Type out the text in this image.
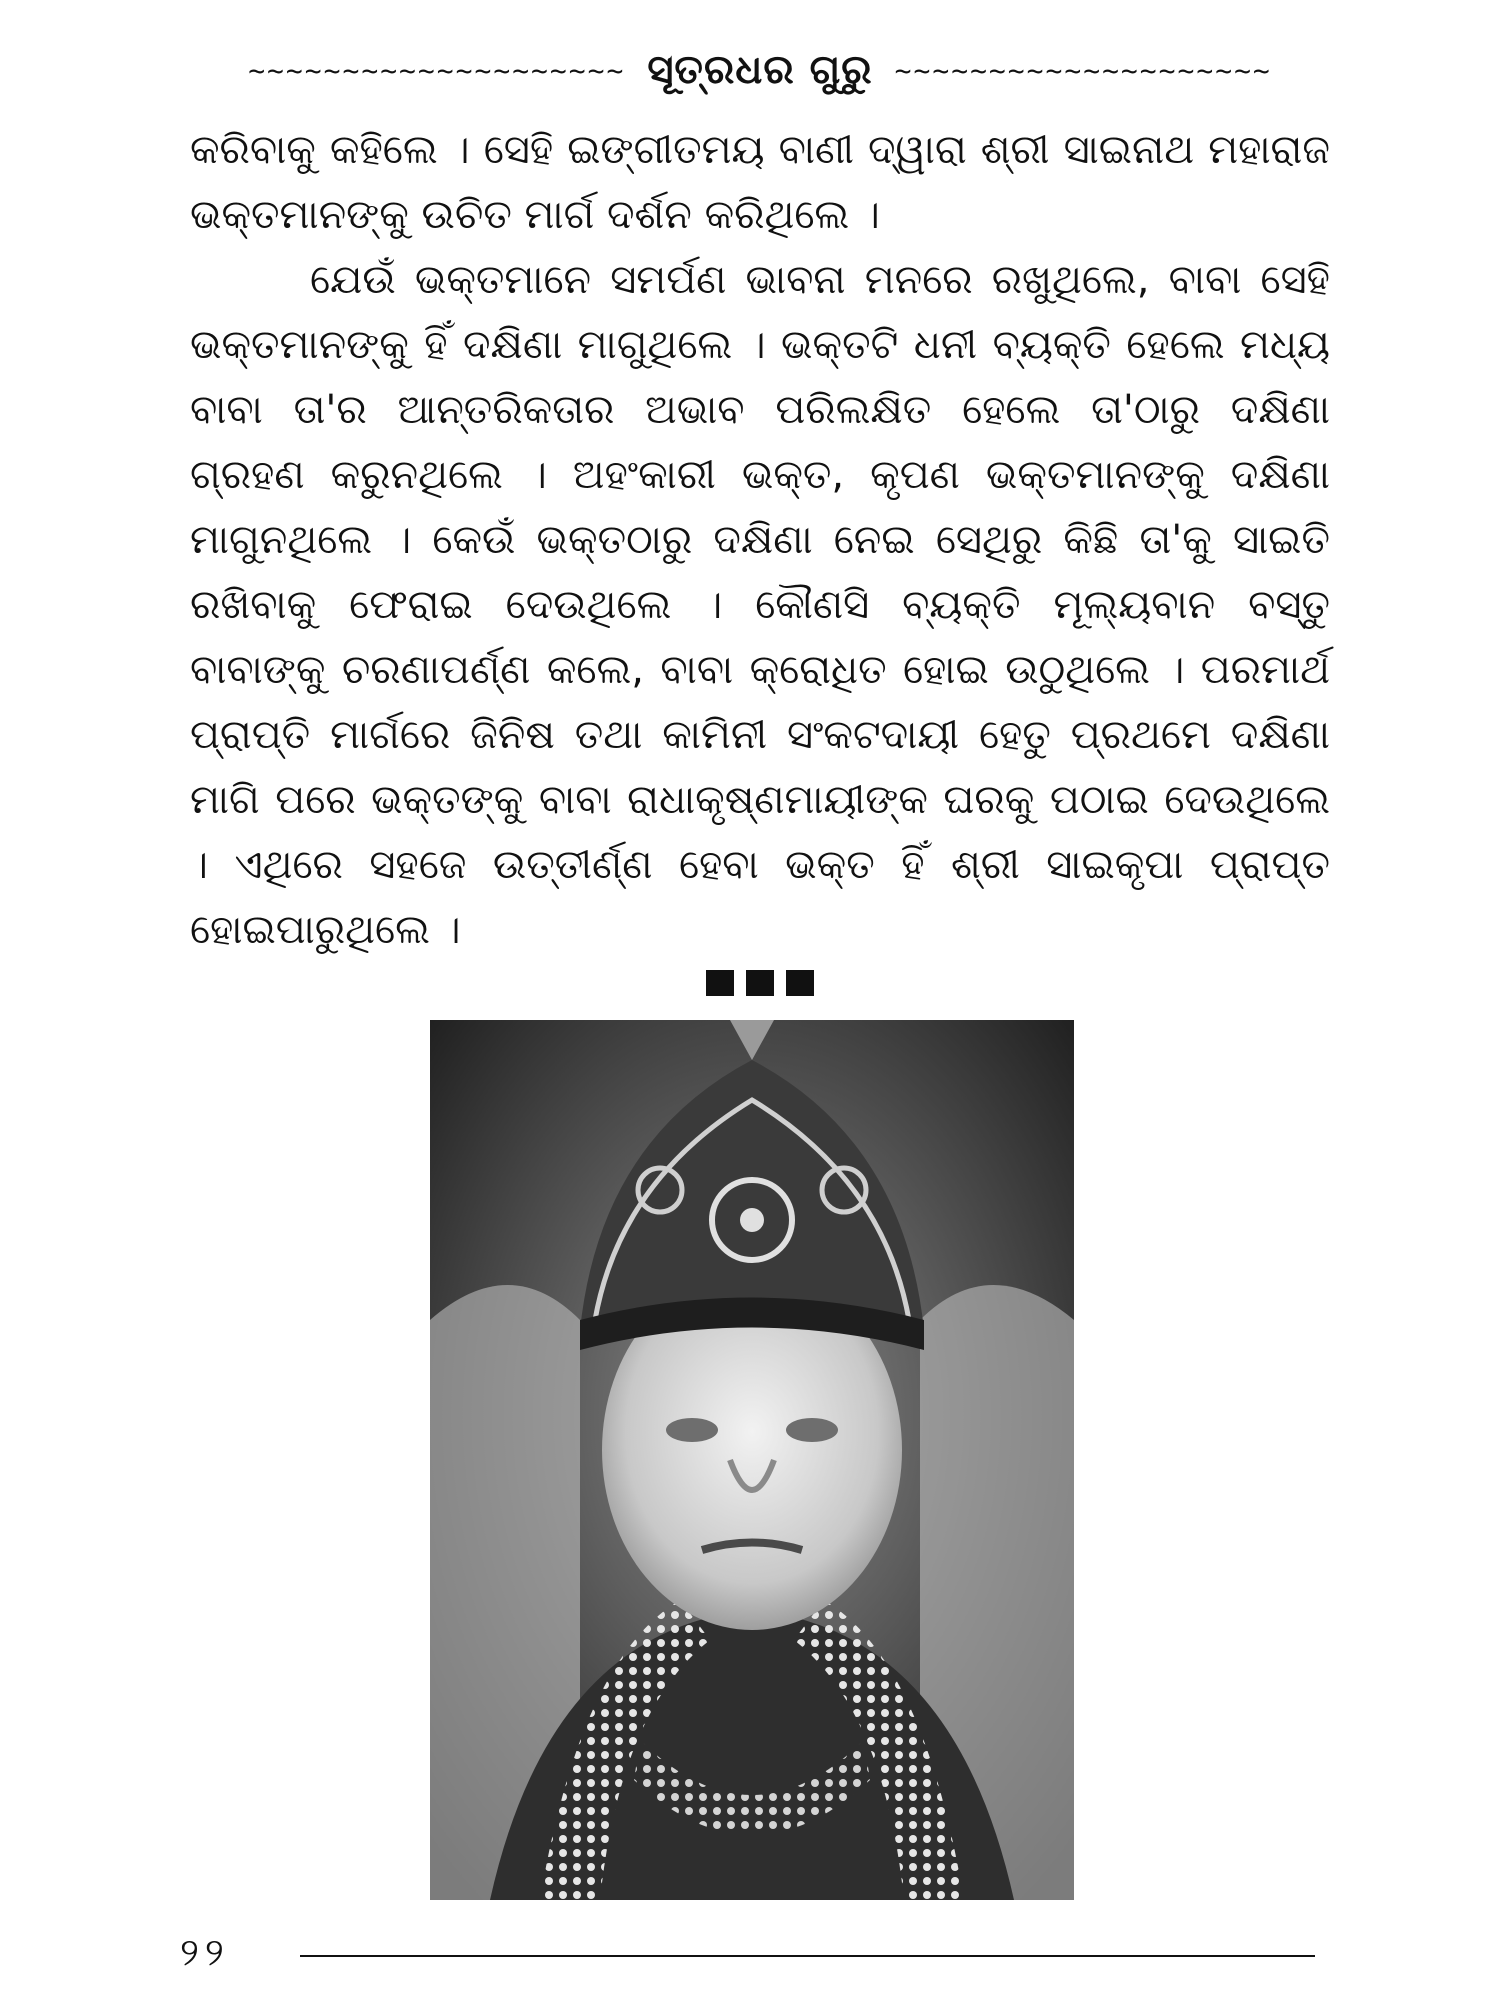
~~~~~~~~~~~~~~~~~~~~ ସୂତ୍ରଧର ଗୁରୁ ~~~~~~~~~~~~~~~~~~~~

କରିବାକୁ କହିଲେ । ସେହି ଇଙ୍ଗୀତମୟ ବାଣୀ ଦ୍ୱାରା ଶ୍ରୀ ସାଇନାଥ ମହାରାଜ ଭକ୍ତମାନଙ୍କୁ ଉଚିତ ମାର୍ଗ ଦର୍ଶନ କରିଥିଲେ ।

ଯେଉଁ ଭକ୍ତମାନେ ସମର୍ପଣ ଭାବନା ମନରେ ରଖୁଥିଲେ, ବାବା ସେହି ଭକ୍ତମାନଙ୍କୁ ହିଁ ଦକ୍ଷିଣା ମାଗୁଥିଲେ । ଭକ୍ତଟି ଧନୀ ବ୍ୟକ୍ତି ହେଲେ ମଧ୍ୟ ବାବା ତା'ର ଆନ୍ତରିକତାର ଅଭାବ ପରିଲକ୍ଷିତ ହେଲେ ତା'ଠାରୁ ଦକ୍ଷିଣା ଗ୍ରହଣ କରୁନଥିଲେ । ଅହଂକାରୀ ଭକ୍ତ, କୃପଣ ଭକ୍ତମାନଙ୍କୁ ଦକ୍ଷିଣା ମାଗୁନଥିଲେ । କେଉଁ ଭକ୍ତଠାରୁ ଦକ୍ଷିଣା ନେଇ ସେଥିରୁ କିଛି ତା'କୁ ସାଇତି ରଖିବାକୁ ଫେରାଇ ଦେଉଥିଲେ । କୌଣସି ବ୍ୟକ୍ତି ମୂଲ୍ୟବାନ ବସ୍ତୁ ବାବାଙ୍କୁ ଚରଣାପର୍ଣ୍ଣ କଲେ, ବାବା କ୍ରୋଧିତ ହୋଇ ଉଠୁଥିଲେ । ପରମାର୍ଥ ପ୍ରାପ୍ତି ମାର୍ଗରେ ଜିନିଷ ତଥା କାମିନୀ ସଂକଟଦାୟୀ ହେତୁ ପ୍ରଥମେ ଦକ୍ଷିଣା ମାଗି ପରେ ଭକ୍ତଙ୍କୁ ବାବା ରାଧାକୃଷ୍ଣମାୟୀଙ୍କ ଘରକୁ ପଠାଇ ଦେଉଥିଲେ । ଏଥିରେ ସହଜେ ଉତ୍ତୀର୍ଣ୍ଣ ହେବା ଭକ୍ତ ହିଁ ଶ୍ରୀ ସାଇକୃପା ପ୍ରାପ୍ତ ହୋଇପାରୁଥିଲେ ।

୨୨
